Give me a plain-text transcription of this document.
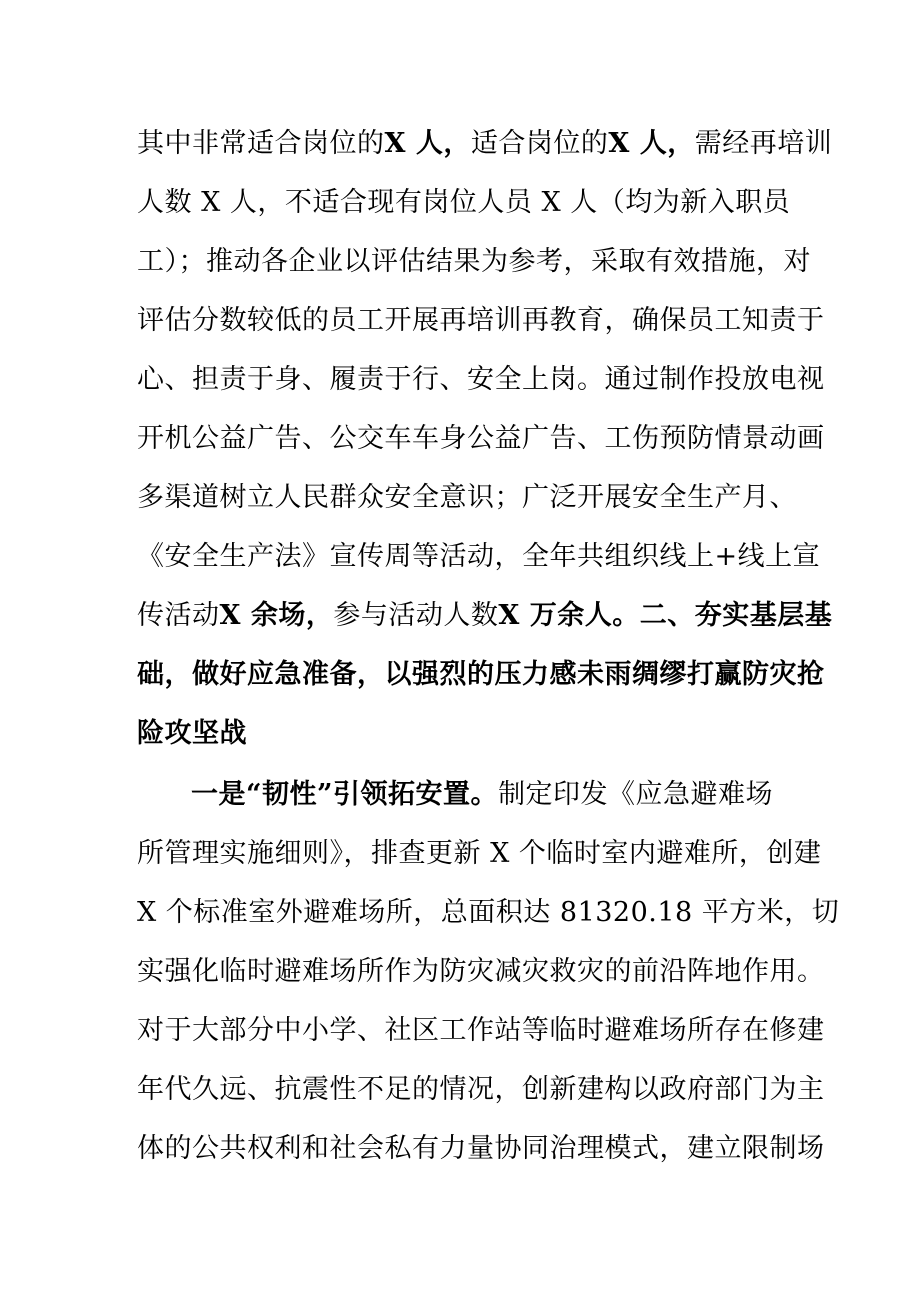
其中非常适合岗位的X 人，适合岗位的X 人，需经再培训
人数 X 人，不适合现有岗位人员 X 人（均为新入职员
工）；推动各企业以评估结果为参考，采取有效措施，对
评估分数较低的员工开展再培训再教育，确保员工知责于
心、担责于身、履责于行、安全上岗。通过制作投放电视
开机公益广告、公交车车身公益广告、工伤预防情景动画
多渠道树立人民群众安全意识；广泛开展安全生产月、
《安全生产法》宣传周等活动，全年共组织线上+线上宣
传活动X 余场，参与活动人数X 万余人。二、夯实基层基
础，做好应急准备，以强烈的压力感未雨绸缪打赢防灾抢
险攻坚战
一是“韧性”引领拓安置。制定印发《应急避难场
所管理实施细则》，排查更新 X 个临时室内避难所，创建
X 个标准室外避难场所，总面积达 81320.18 平方米，切
实强化临时避难场所作为防灾减灾救灾的前沿阵地作用。
对于大部分中小学、社区工作站等临时避难场所存在修建
年代久远、抗震性不足的情况，创新建构以政府部门为主
体的公共权利和社会私有力量协同治理模式，建立限制场
